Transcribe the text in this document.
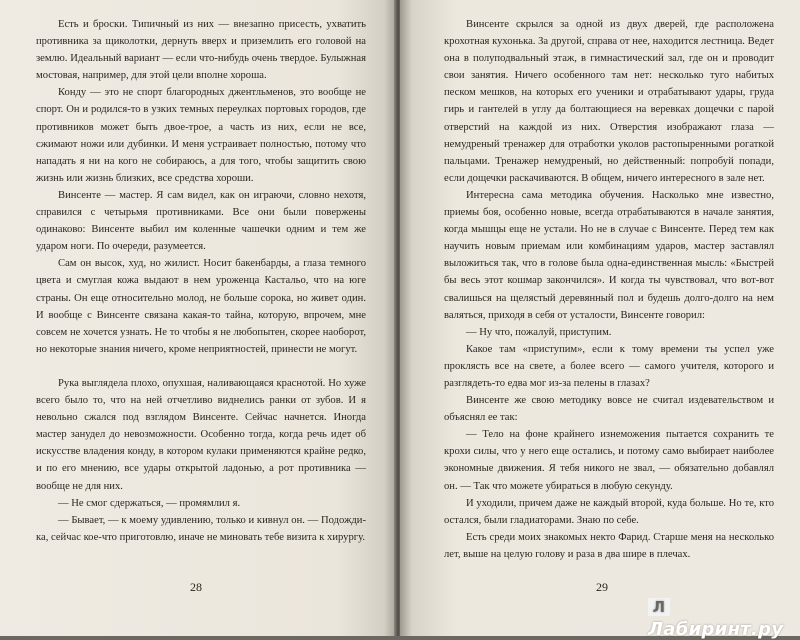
Есть и броски. Типичный из них — внезапно присесть, ухватить противника за щиколотки, дернуть вверх и приземлить его головой на землю. Идеальный вариант — если что-нибудь очень твердое. Булыжная мостовая, например, для этой цели вполне хороша.

Конду — это не спорт благородных джентльменов, это вообще не спорт. Он и родился-то в узких темных переулках портовых городов, где противников может быть двое-трое, а часть из них, если не все, сжимают ножи или дубинки. И меня устраивает полностью, потому что нападать я ни на кого не собираюсь, а для того, чтобы защитить свою жизнь или жизнь близких, все средства хороши.

Винсенте — мастер. Я сам видел, как он играючи, словно нехотя, справился с четырьмя противниками. Все они были повержены одинаково: Винсенте выбил им коленные чашечки одним и тем же ударом ноги. По очереди, разумеется.

Сам он высок, худ, но жилист. Носит бакенбарды, а глаза темного цвета и смуглая кожа выдают в нем уроженца Кастальо, что на юге страны. Он еще относительно молод, не больше сорока, но живет один. И вообще с Винсенте связана какая-то тайна, которую, впрочем, мне совсем не хочется узнать. Не то чтобы я не любопытен, скорее наоборот, но некоторые знания ничего, кроме неприятностей, принести не могут.

Рука выглядела плохо, опухшая, наливающаяся краснотой. Но хуже всего было то, что на ней отчетливо виднелись ранки от зубов. И я невольно сжался под взглядом Винсенте. Сейчас начнется. Иногда мастер занудел до невозможности. Особенно тогда, когда речь идет об искусстве владения конду, в котором кулаки применяются крайне редко, и по его мнению, все удары открытой ладонью, а рот противника — вообще не для них.

— Не смог сдержаться, — промямлил я.

— Бывает, — к моему удивлению, только и кивнул он. — Подожди-ка, сейчас кое-что приготовлю, иначе не миновать тебе визита к хирургу.

28

Винсенте скрылся за одной из двух дверей, где расположена крохотная кухонька. За другой, справа от нее, находится лестница. Ведет она в полуподвальный этаж, в гимнастический зал, где он и проводит свои занятия. Ничего особенного там нет: несколько туго набитых песком мешков, на которых его ученики и отрабатывают удары, груда гирь и гантелей в углу да болтающиеся на веревках дощечки с парой отверстий на каждой из них. Отверстия изображают глаза — немудреный тренажер для отработки уколов растопыренными рогаткой пальцами. Тренажер немудреный, но действенный: попробуй попади, если дощечки раскачиваются. В общем, ничего интересного в зале нет.

Интересна сама методика обучения. Насколько мне известно, приемы боя, особенно новые, всегда отрабатываются в начале занятия, когда мышцы еще не устали. Но не в случае с Винсенте. Перед тем как научить новым приемам или комбинациям ударов, мастер заставлял выложиться так, что в голове была одна-единственная мысль: «Быстрей бы весь этот кошмар закончился». И когда ты чувствовал, что вот-вот свалишься на щелястый деревянный пол и будешь долго-долго на нем валяться, приходя в себя от усталости, Винсенте говорил:

— Ну что, пожалуй, приступим.

Какое там «приступим», если к тому времени ты успел уже проклясть все на свете, а более всего — самого учителя, которого и разглядеть-то едва мог из-за пелены в глазах?

Винсенте же свою методику вовсе не считал издевательством и объяснял ее так:

— Тело на фоне крайнего изнеможения пытается сохранить те крохи силы, что у него еще остались, и потому само выбирает наиболее экономные движения. Я тебя никого не звал, — обязательно добавлял он. — Так что можете убираться в любую секунду.

И уходили, причем даже не каждый второй, куда больше. Но те, кто остался, были гладиаторами. Знаю по себе.

Есть среди моих знакомых некто Фарид. Старше меня на несколько лет, выше на целую голову и раза в два шире в плечах.

29
ЛЛабиринт.ру
